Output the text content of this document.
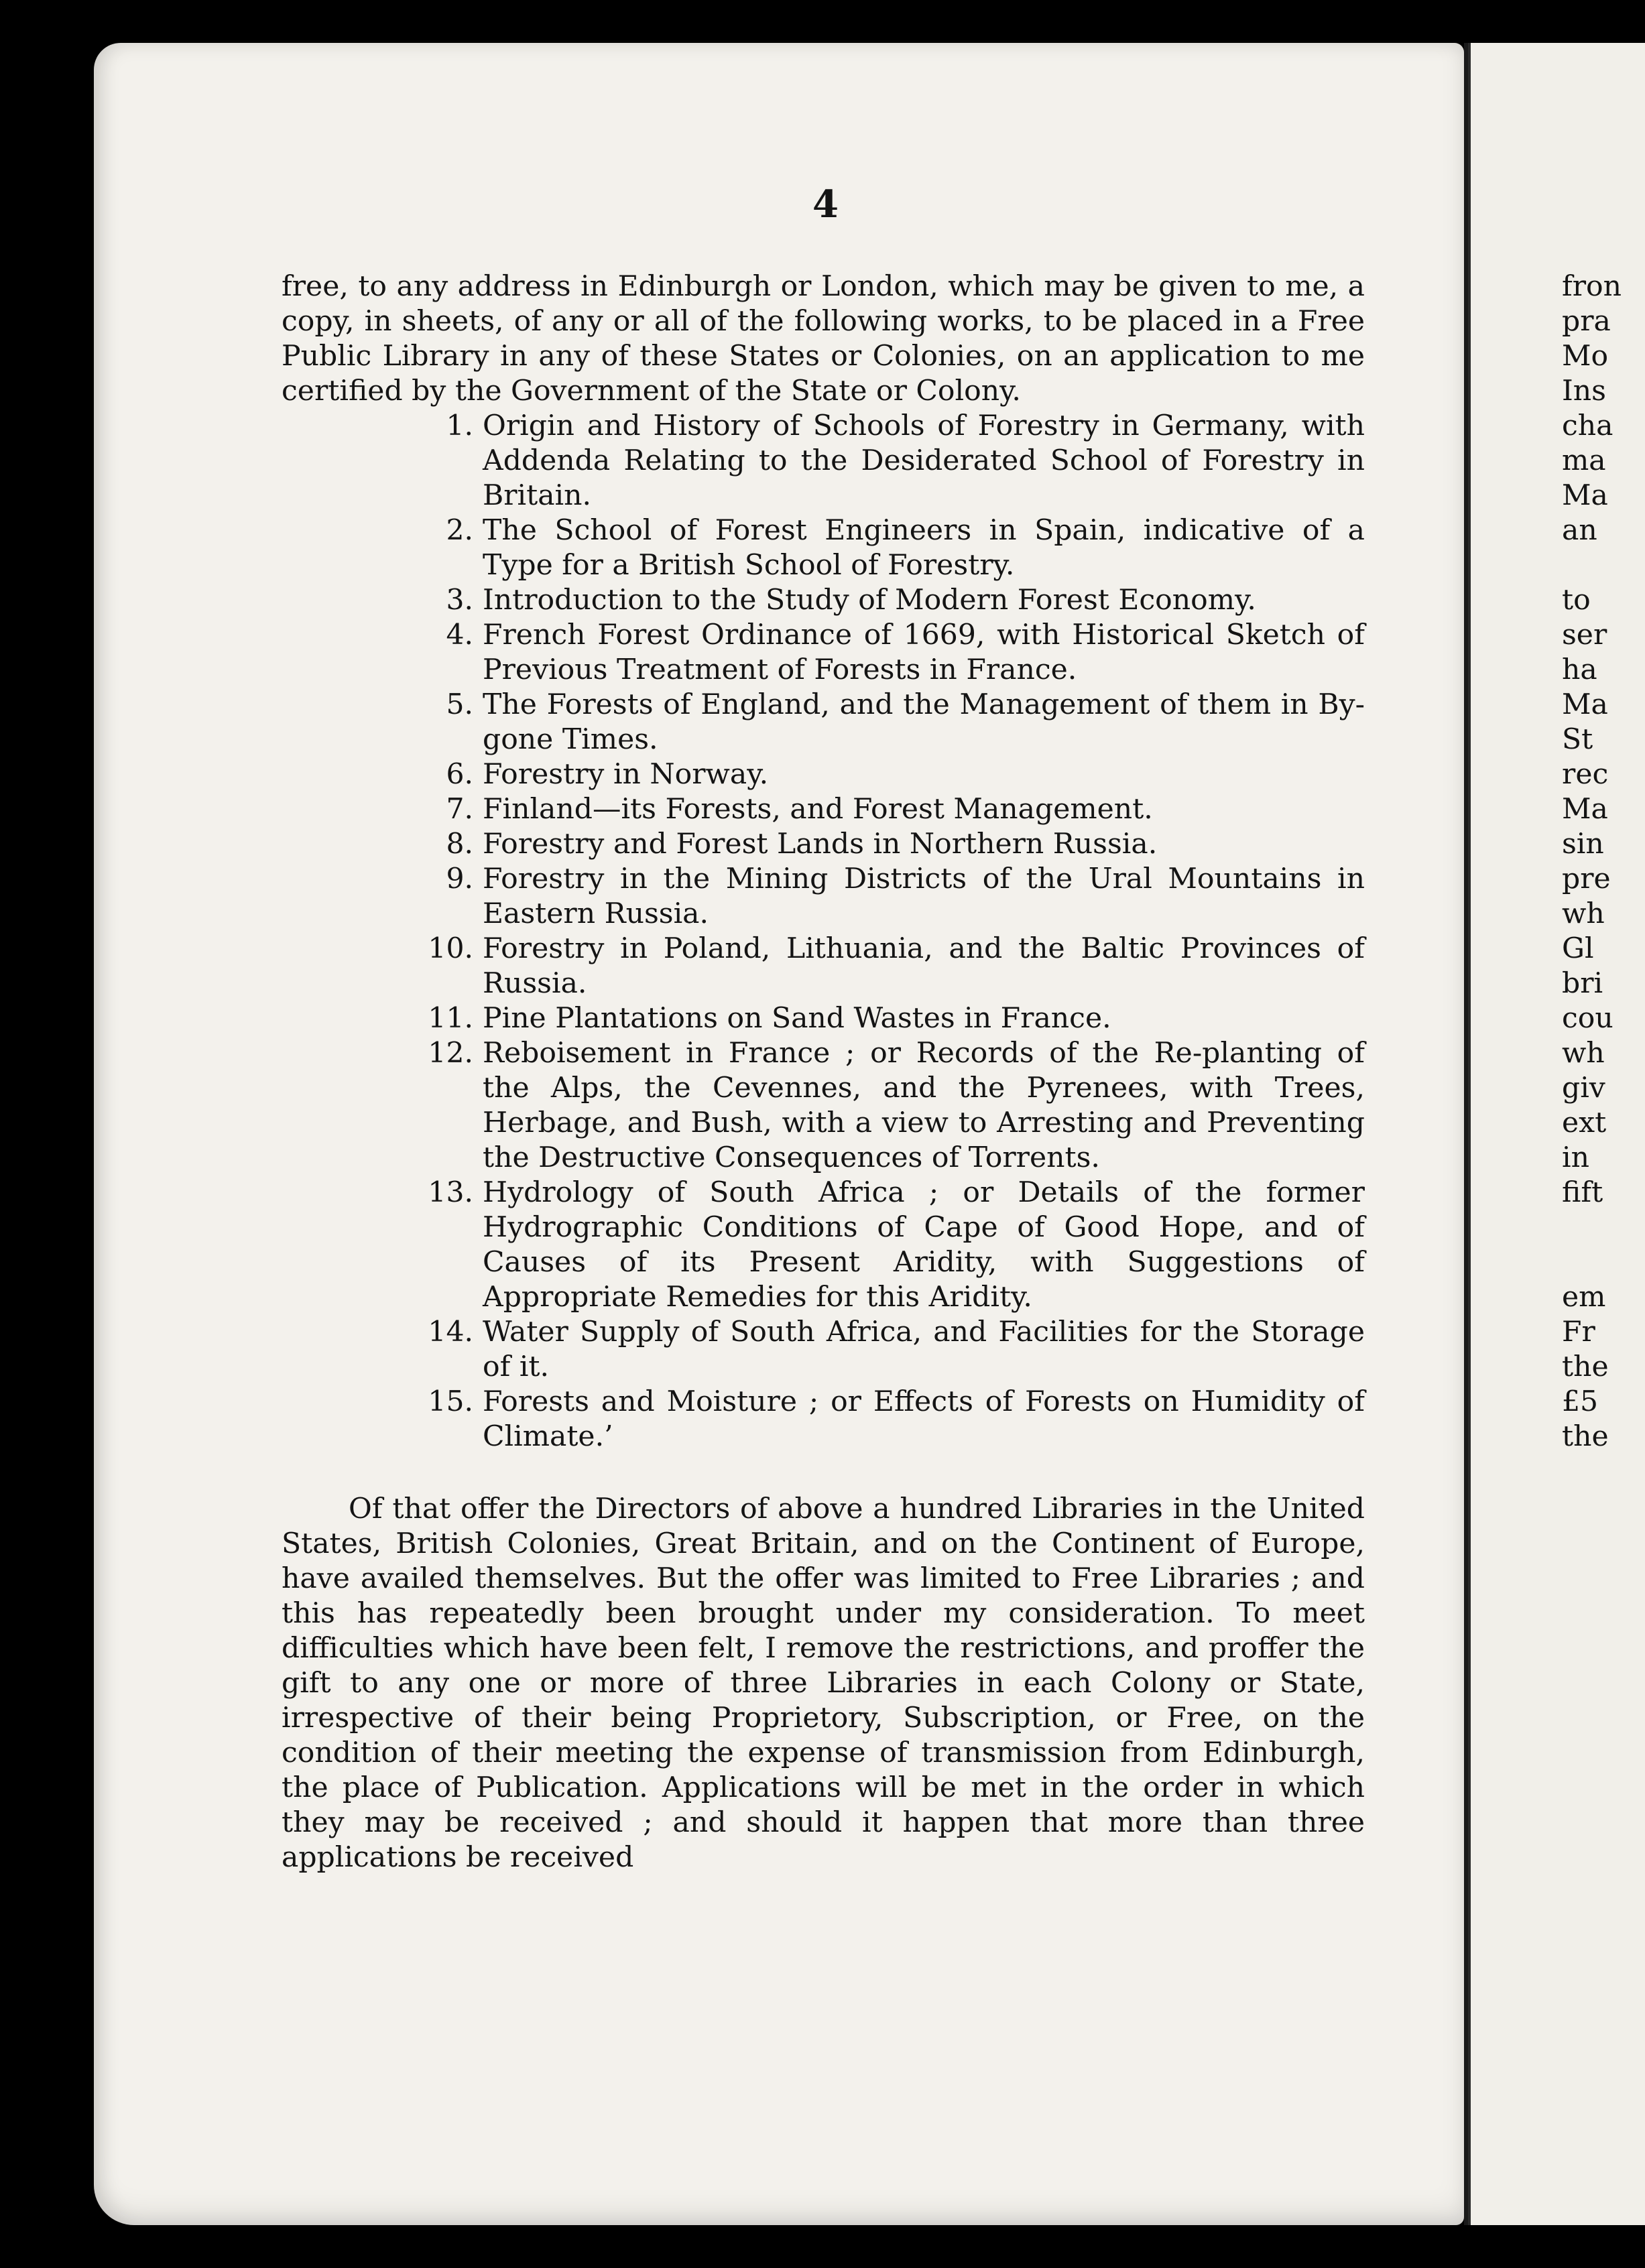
4

free, to any address in Edinburgh or London, which may be given to me, a copy, in sheets, of any or all of the following works, to be placed in a Free Public Library in any of these States or Colonies, on an application to me certified by the Government of the State or Colony.

1. Origin and History of Schools of Forestry in Germany, with Addenda Relating to the Desiderated School of Forestry in Britain.
2. The School of Forest Engineers in Spain, indicative of a Type for a British School of Forestry.
3. Introduction to the Study of Modern Forest Economy.
4. French Forest Ordinance of 1669, with Historical Sketch of Previous Treatment of Forests in France.
5. The Forests of England, and the Management of them in By-gone Times.
6. Forestry in Norway.
7. Finland—its Forests, and Forest Management.
8. Forestry and Forest Lands in Northern Russia.
9. Forestry in the Mining Districts of the Ural Mountains in Eastern Russia.
10. Forestry in Poland, Lithuania, and the Baltic Provinces of Russia.
11. Pine Plantations on Sand Wastes in France.
12. Reboisement in France ; or Records of the Re-planting of the Alps, the Cevennes, and the Pyrenees, with Trees, Herbage, and Bush, with a view to Arresting and Preventing the Destructive Consequences of Torrents.
13. Hydrology of South Africa ; or Details of the former Hydrographic Conditions of Cape of Good Hope, and of Causes of its Present Aridity, with Suggestions of Appropriate Remedies for this Aridity.
14. Water Supply of South Africa, and Facilities for the Storage of it.
15. Forests and Moisture ; or Effects of Forests on Humidity of Climate.’

Of that offer the Directors of above a hundred Libraries in the United States, British Colonies, Great Britain, and on the Continent of Europe, have availed themselves. But the offer was limited to Free Libraries ; and this has repeatedly been brought under my consideration. To meet difficulties which have been felt, I remove the restrictions, and proffer the gift to any one or more of three Libraries in each Colony or State, irrespective of their being Proprietory, Subscription, or Free, on the condition of their meeting the expense of transmission from Edinburgh, the place of Publication. Applications will be met in the order in which they may be received ; and should it happen that more than three applications be received

fron
pra
Mo
Ins
cha
ma
Ma
an
to
ser
ha
Ma
St
rec
Ma
sin
pre
wh
Gl
bri
cou
wh
giv
ext
in
fift
em
Fr
the
£5
the
